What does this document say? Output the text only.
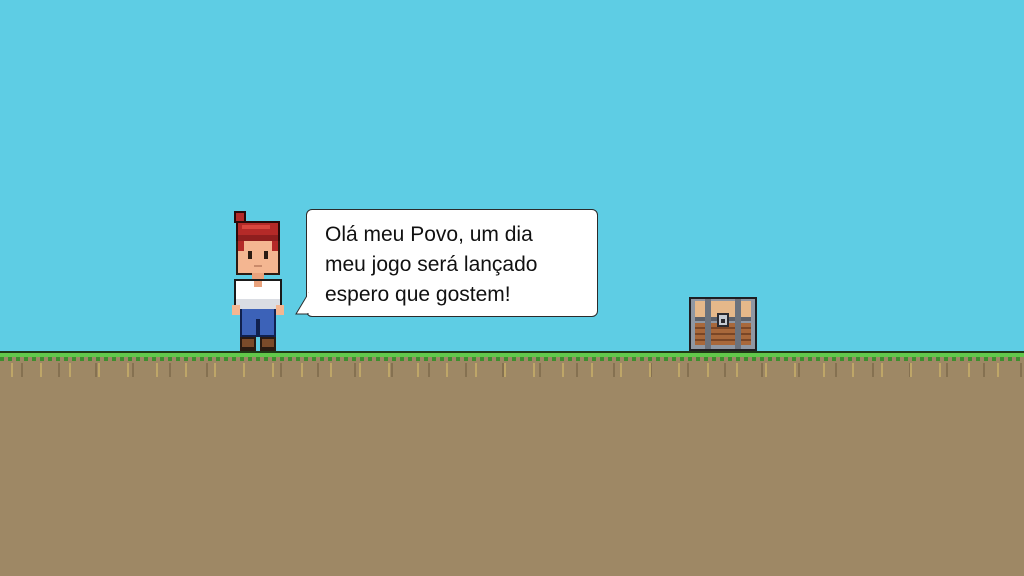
Olá meu Povo, um dia
meu jogo será lançado
espero que gostem!
